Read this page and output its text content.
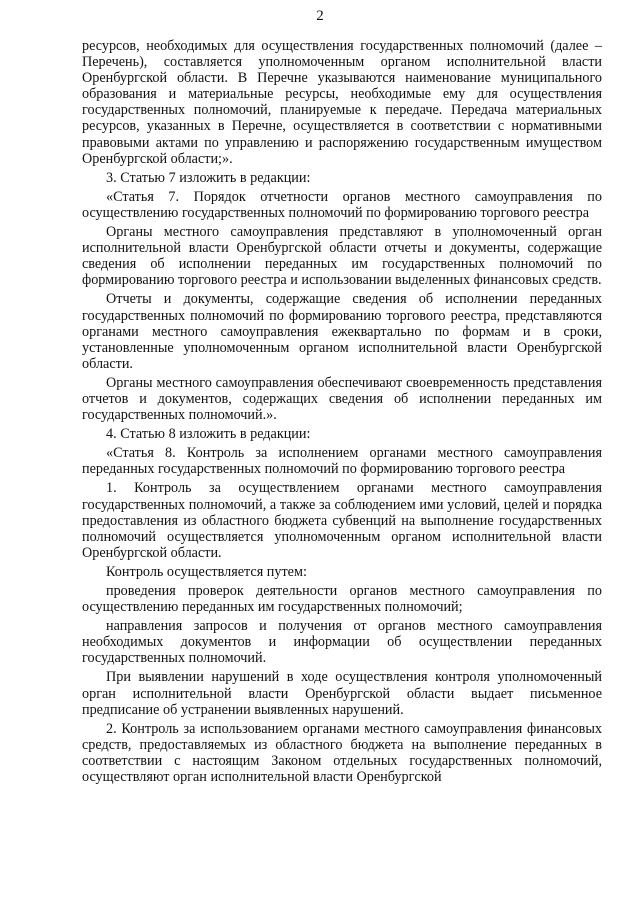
2

ресурсов, необходимых для осуществления государственных полномочий (далее – Перечень), составляется уполномоченным органом исполнительной власти Оренбургской области. В Перечне указываются наименование муниципального образования и материальные ресурсы, необходимые ему для осуществления государственных полномочий, планируемые к передаче. Передача материальных ресурсов, указанных в Перечне, осуществляется в соответствии с нормативными правовыми актами по управлению и распоряжению государственным имуществом Оренбургской области;».

3. Статью 7 изложить в редакции:

«Статья 7. Порядок отчетности органов местного самоуправления по осуществлению государственных полномочий по формированию торгового реестра

Органы местного самоуправления представляют в уполномоченный орган исполнительной власти Оренбургской области отчеты и документы, содержащие сведения об исполнении переданных им государственных полномочий по формированию торгового реестра и использовании выделенных финансовых средств.

Отчеты и документы, содержащие сведения об исполнении переданных государственных полномочий по формированию торгового реестра, представляются органами местного самоуправления ежеквартально по формам и в сроки, установленные уполномоченным органом исполнительной власти Оренбургской области.

Органы местного самоуправления обеспечивают своевременность представления отчетов и документов, содержащих сведения об исполнении переданных им государственных полномочий.».

4. Статью 8 изложить в редакции:

«Статья 8. Контроль за исполнением органами местного самоуправления переданных государственных полномочий по формированию торгового реестра

1. Контроль за осуществлением органами местного самоуправления государственных полномочий, а также за соблюдением ими условий, целей и порядка предоставления из областного бюджета субвенций на выполнение государственных полномочий осуществляется уполномоченным органом исполнительной власти Оренбургской области.

Контроль осуществляется путем:

проведения проверок деятельности органов местного самоуправления по осуществлению переданных им государственных полномочий;

направления запросов и получения от органов местного самоуправления необходимых документов и информации об осуществлении переданных государственных полномочий.

При выявлении нарушений в ходе осуществления контроля уполномоченный орган исполнительной власти Оренбургской области выдает письменное предписание об устранении выявленных нарушений.

2. Контроль за использованием органами местного самоуправления финансовых средств, предоставляемых из областного бюджета на выполнение переданных в соответствии с настоящим Законом отдельных государственных полномочий, осуществляют орган исполнительной власти Оренбургской
